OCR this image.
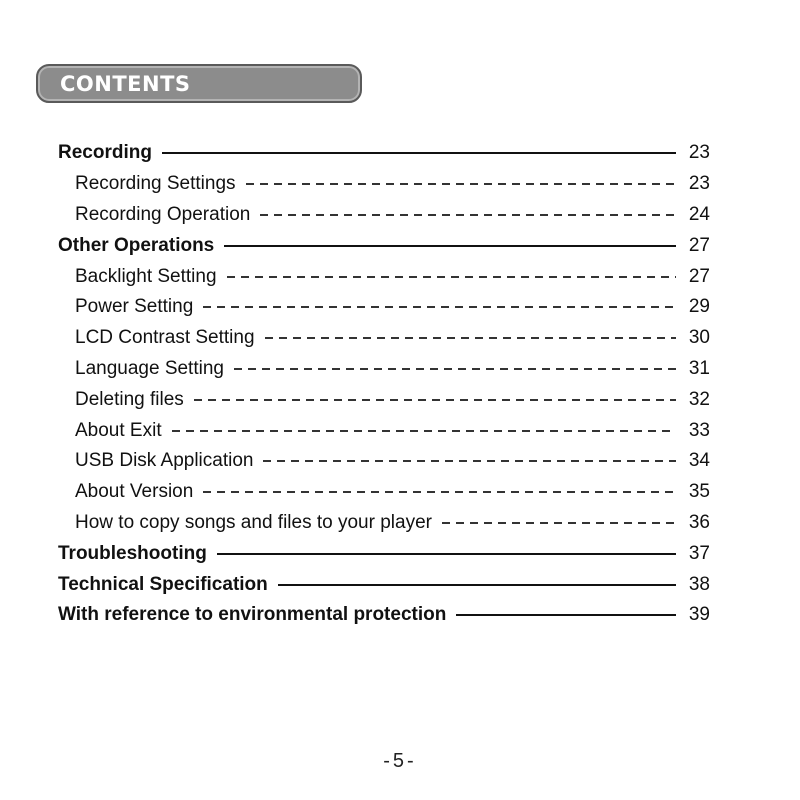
CONTENTS
Recording	23
Recording Settings	23
Recording Operation	24
Other Operations	27
Backlight Setting	27
Power Setting	29
LCD Contrast Setting	30
Language Setting	31
Deleting files	32
About Exit	33
USB Disk Application	34
About Version	35
How to copy songs and files to your player	36
Troubleshooting	37
Technical Specification	38
With reference to environmental protection	39
-5-
